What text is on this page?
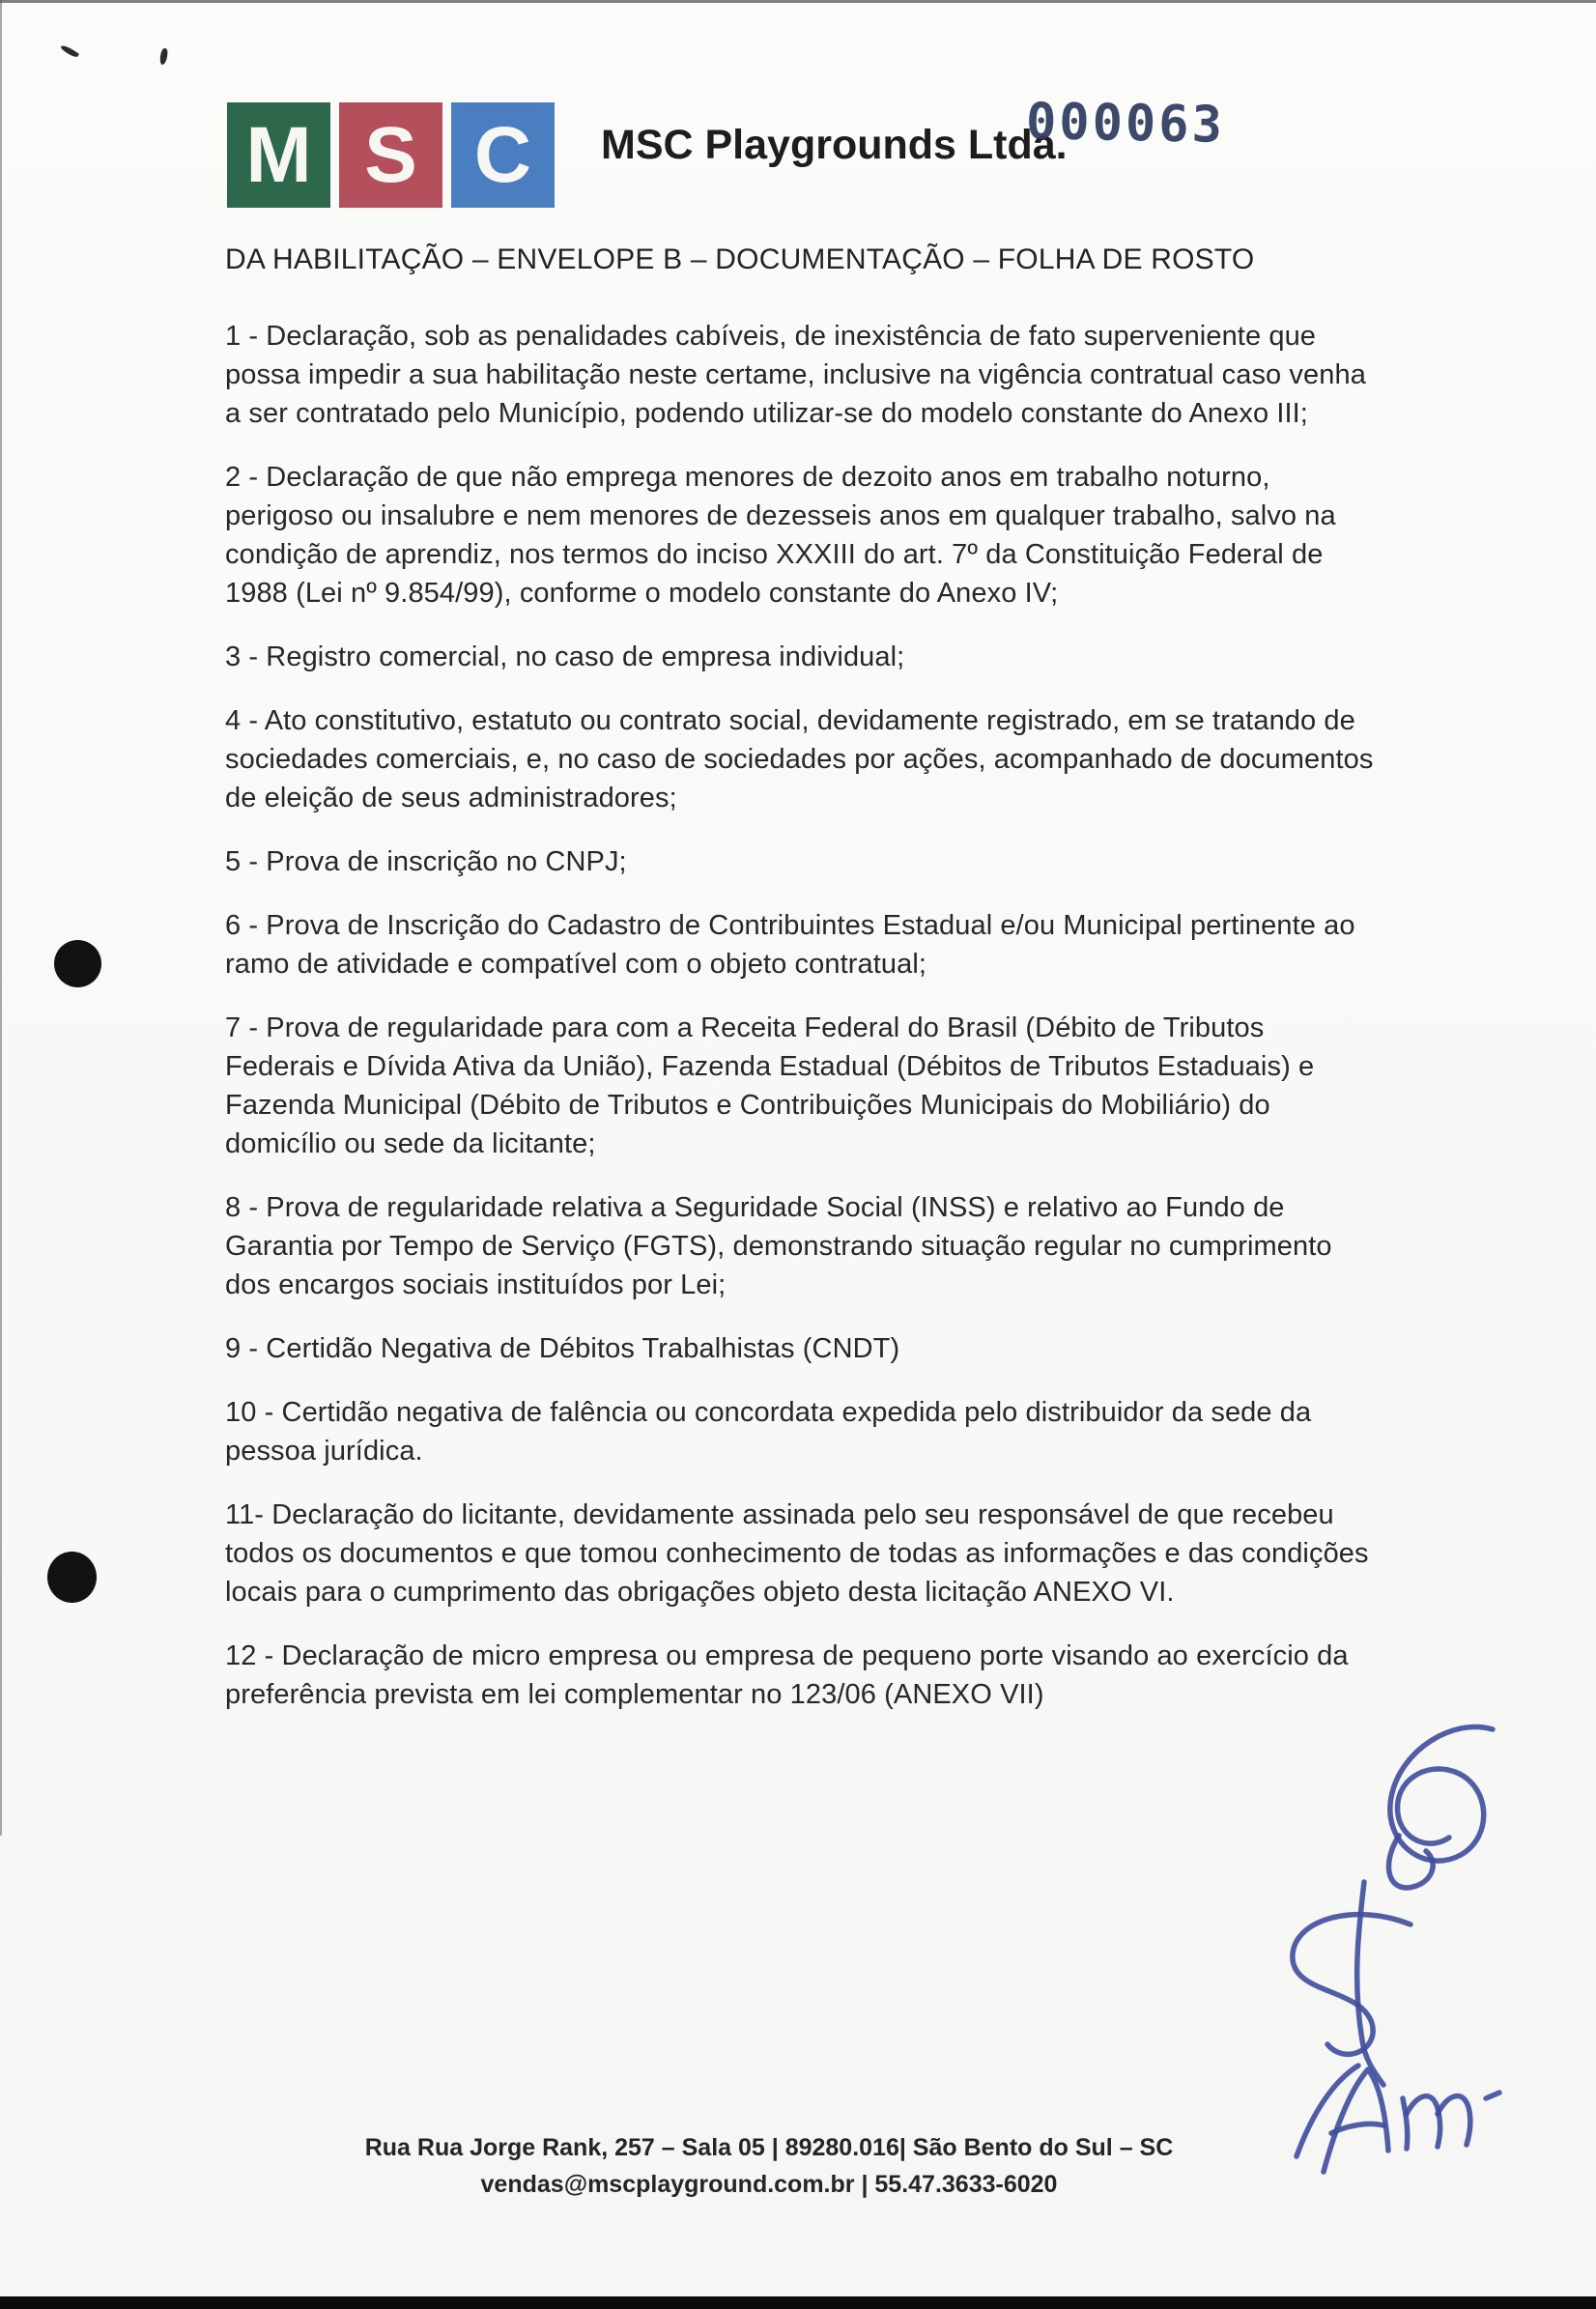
M S C	MSC Playgrounds Ltda.
000063
DA HABILITAÇÃO – ENVELOPE B – DOCUMENTAÇÃO – FOLHA DE ROSTO

1 - Declaração, sob as penalidades cabíveis, de inexistência de fato superveniente que possa impedir a sua habilitação neste certame, inclusive na vigência contratual caso venha a ser contratado pelo Município, podendo utilizar-se do modelo constante do Anexo III;

2 - Declaração de que não emprega menores de dezoito anos em trabalho noturno, perigoso ou insalubre e nem menores de dezesseis anos em qualquer trabalho, salvo na condição de aprendiz, nos termos do inciso XXXIII do art. 7º da Constituição Federal de 1988 (Lei nº 9.854/99), conforme o modelo constante do Anexo IV;

3 - Registro comercial, no caso de empresa individual;

4 - Ato constitutivo, estatuto ou contrato social, devidamente registrado, em se tratando de sociedades comerciais, e, no caso de sociedades por ações, acompanhado de documentos de eleição de seus administradores;

5 - Prova de inscrição no CNPJ;

6 - Prova de Inscrição do Cadastro de Contribuintes Estadual e/ou Municipal pertinente ao ramo de atividade e compatível com o objeto contratual;

7 - Prova de regularidade para com a Receita Federal do Brasil (Débito de Tributos Federais e Dívida Ativa da União), Fazenda Estadual (Débitos de Tributos Estaduais) e Fazenda Municipal (Débito de Tributos e Contribuições Municipais do Mobiliário) do domicílio ou sede da licitante;

8 - Prova de regularidade relativa a Seguridade Social (INSS) e relativo ao Fundo de Garantia por Tempo de Serviço (FGTS), demonstrando situação regular no cumprimento dos encargos sociais instituídos por Lei;

9 - Certidão Negativa de Débitos Trabalhistas (CNDT)

10 - Certidão negativa de falência ou concordata expedida pelo distribuidor da sede da pessoa jurídica.

11- Declaração do licitante, devidamente assinada pelo seu responsável de que recebeu todos os documentos e que tomou conhecimento de todas as informações e das condições locais para o cumprimento das obrigações objeto desta licitação ANEXO VI.

12 - Declaração de micro empresa ou empresa de pequeno porte visando ao exercício da preferência prevista em lei complementar no 123/06 (ANEXO VII)

Rua Rua Jorge Rank, 257 – Sala 05 | 89280.016| São Bento do Sul – SC
vendas@mscplayground.com.br | 55.47.3633-6020
